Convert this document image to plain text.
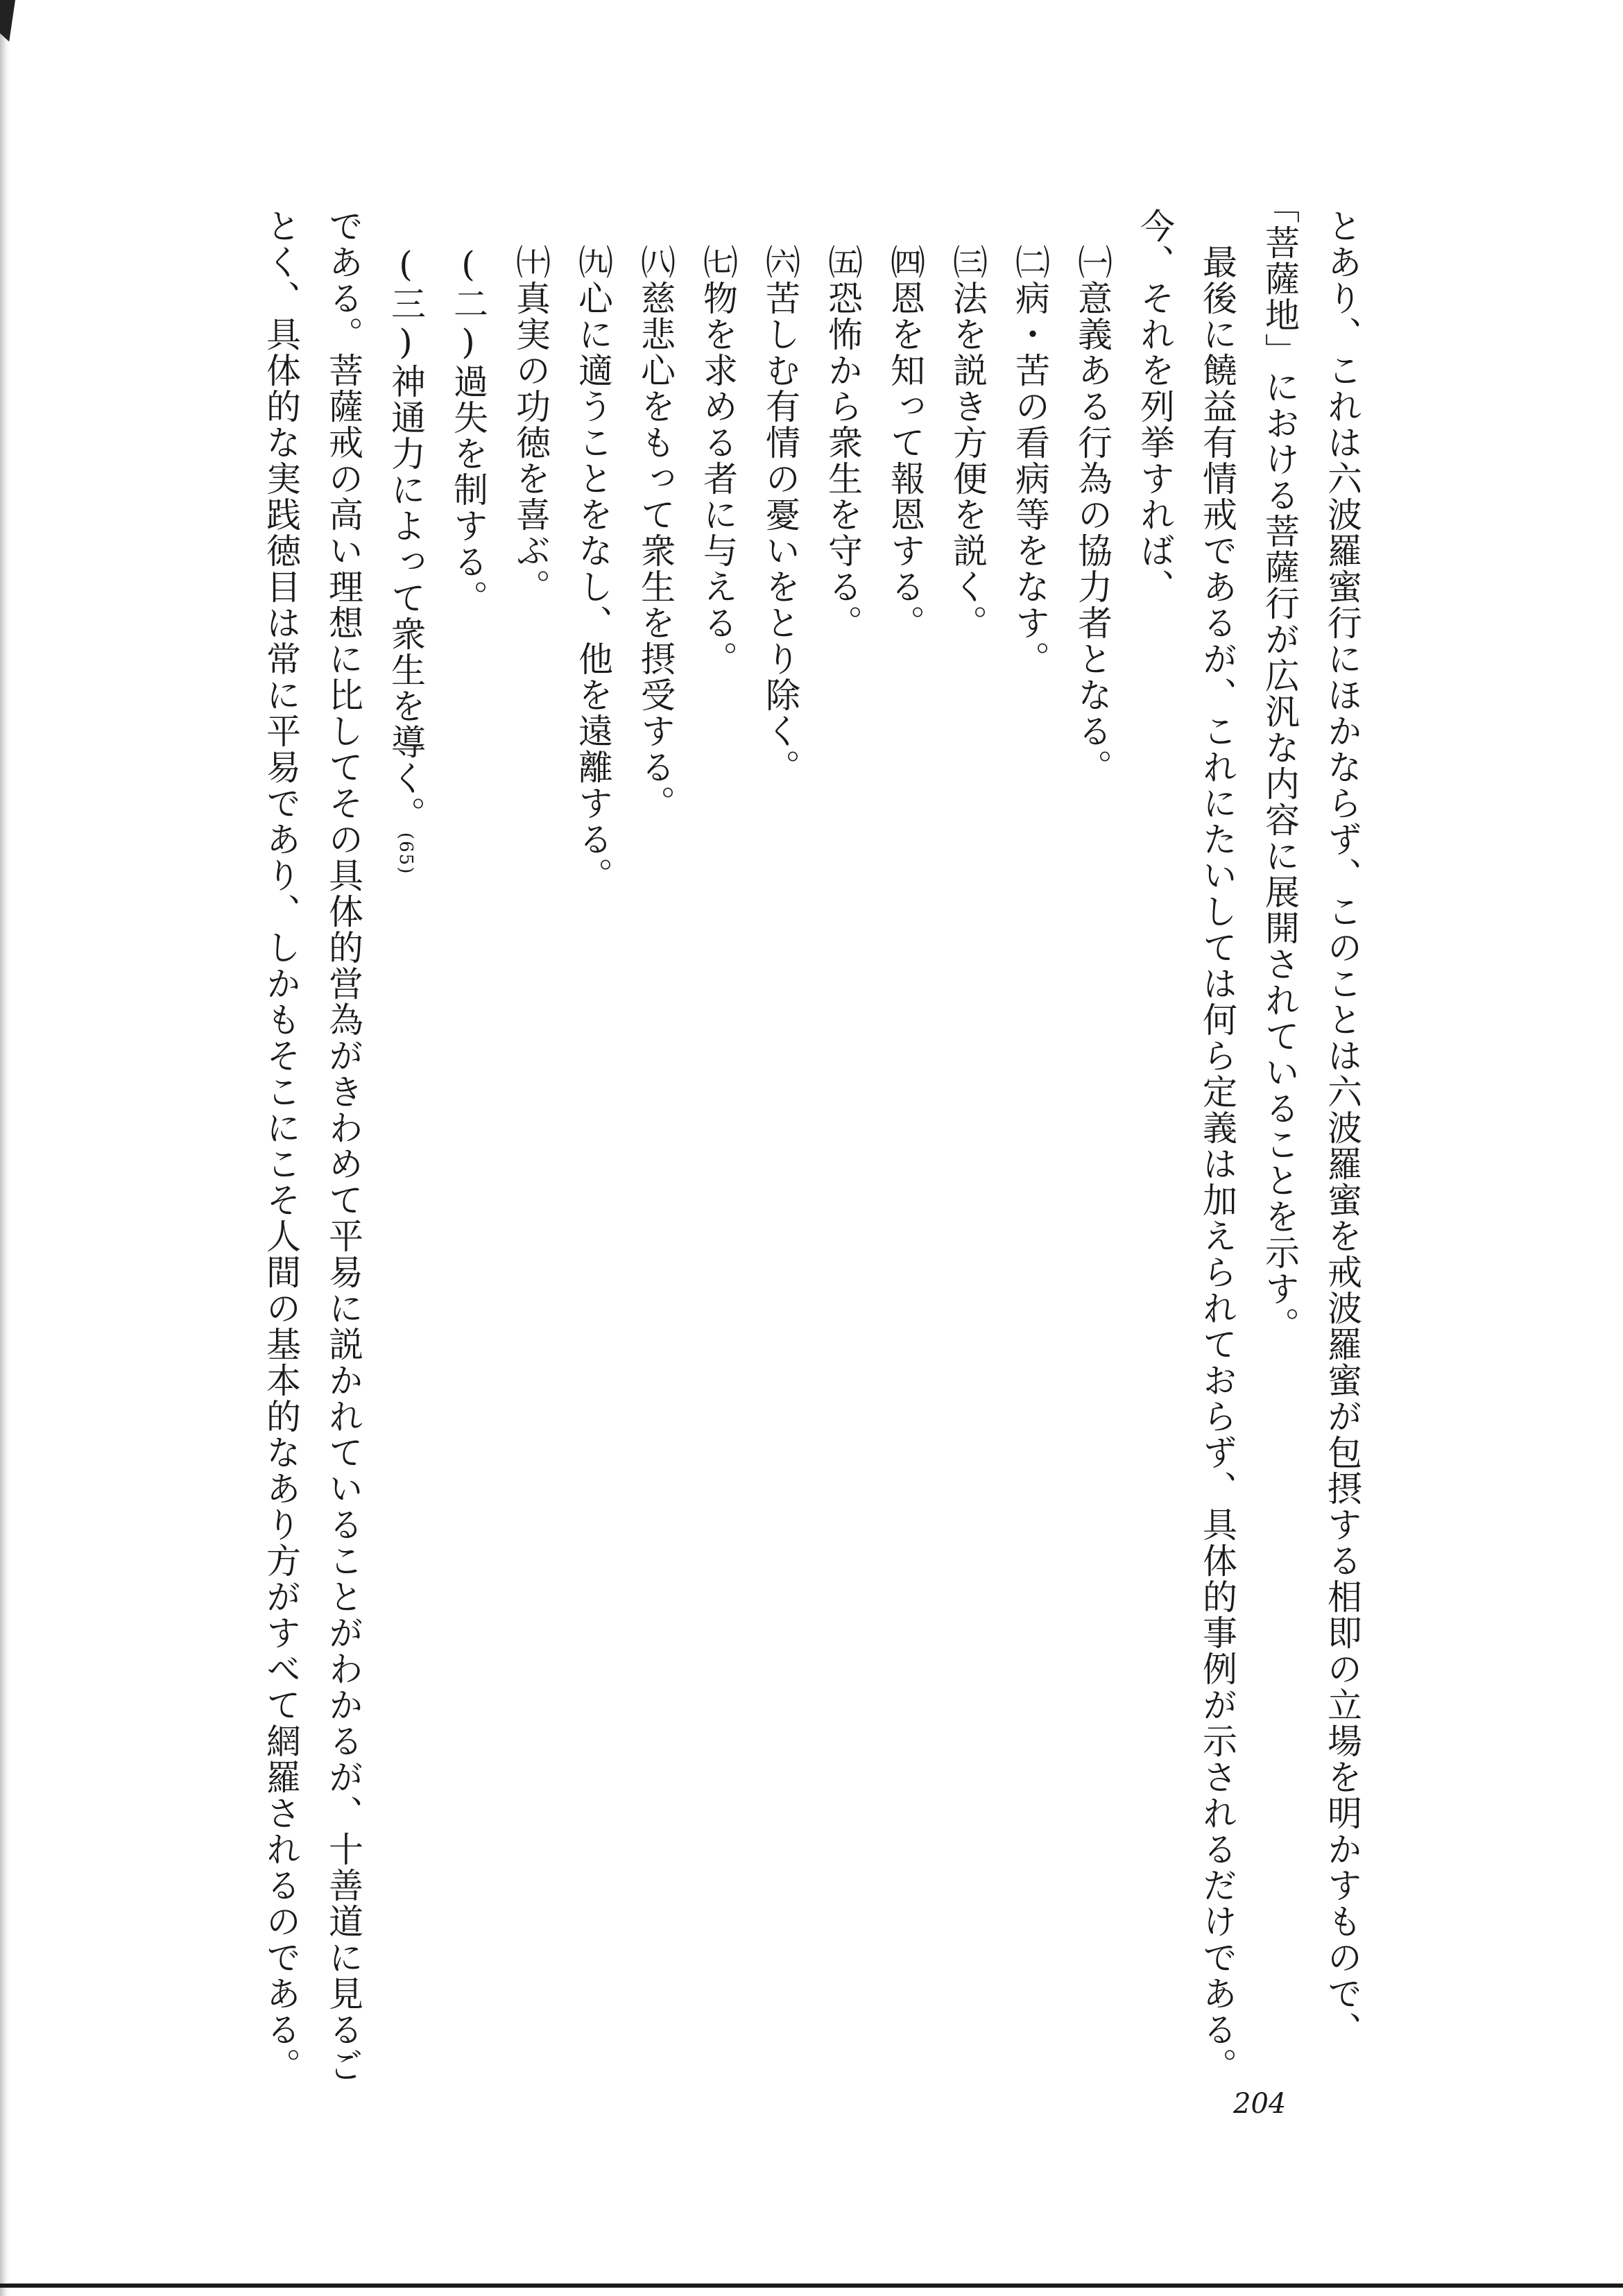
とあり、これは六波羅蜜行にほかならず、このことは六波羅蜜を戒波羅蜜が包摂する相即の立場を明かすもので、
「菩薩地」における菩薩行が広汎な内容に展開されていることを示す。
最後に饒益有情戒であるが、これにたいしては何ら定義は加えられておらず、具体的事例が示されるだけである。
今、それを列挙すれば、
㈠意義ある行為の協力者となる。
㈡病・苦の看病等をなす。
㈢法を説き方便を説く。
㈣恩を知って報恩する。
㈤恐怖から衆生を守る。
㈥苦しむ有情の憂いをとり除く。
㈦物を求める者に与える。
㈧慈悲心をもって衆生を摂受する。
㈨心に適うことをなし、他を遠離する。
㈩真実の功徳を喜ぶ。
(二)過失を制する。
(三)神通力によって衆生を導く。(65)
である。菩薩戒の高い理想に比してその具体的営為がきわめて平易に説かれていることがわかるが、十善道に見るご
とく、具体的な実践徳目は常に平易であり、しかもそこにこそ人間の基本的なあり方がすべて網羅されるのである。
204
